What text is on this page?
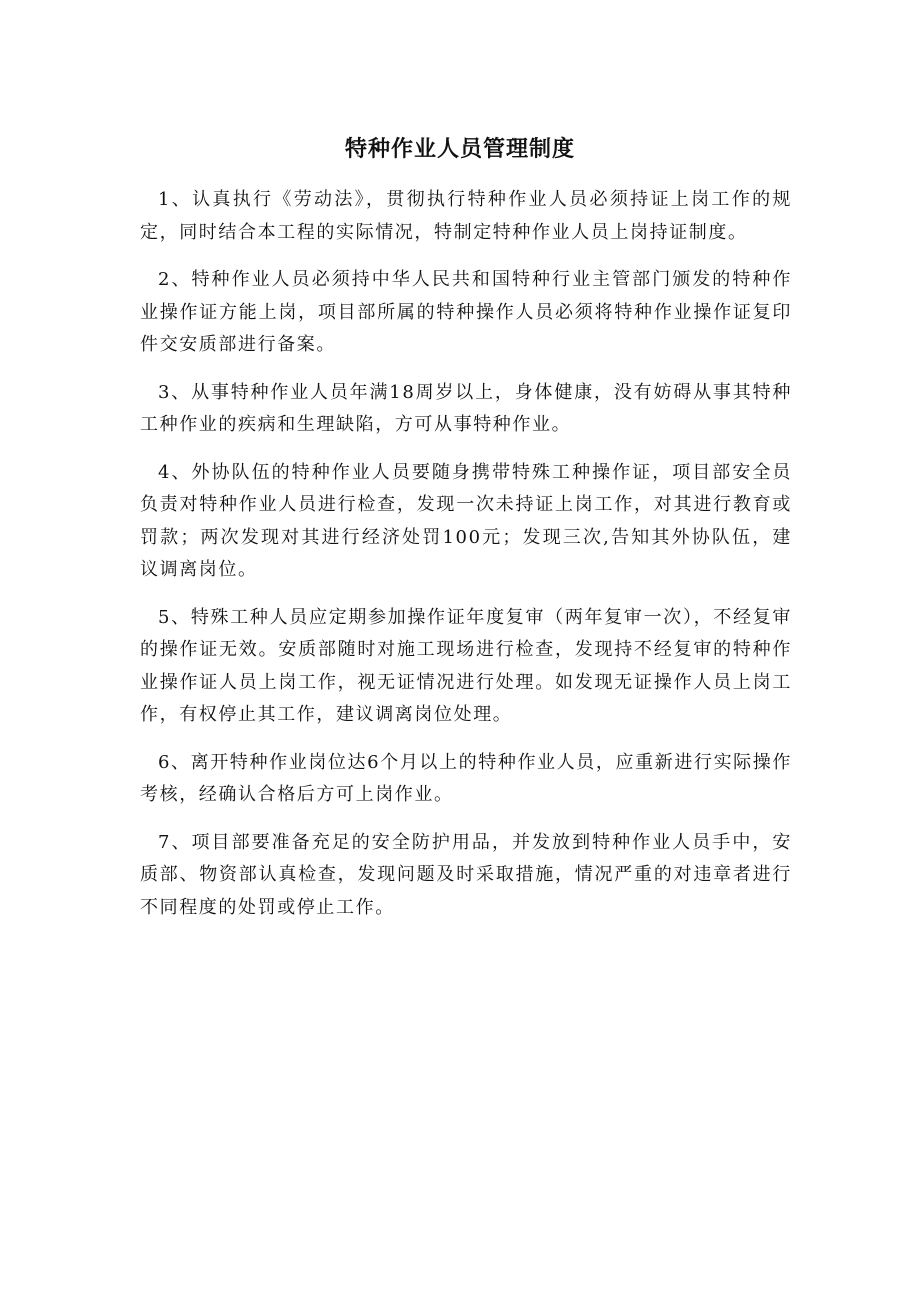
特种作业人员管理制度

1、认真执行《劳动法》，贯彻执行特种作业人员必须持证上岗工作的规定，同时结合本工程的实际情况，特制定特种作业人员上岗持证制度。

2、特种作业人员必须持中华人民共和国特种行业主管部门颁发的特种作业操作证方能上岗，项目部所属的特种操作人员必须将特种作业操作证复印件交安质部进行备案。

3、从事特种作业人员年满18周岁以上，身体健康，没有妨碍从事其特种工种作业的疾病和生理缺陷，方可从事特种作业。

4、外协队伍的特种作业人员要随身携带特殊工种操作证，项目部安全员负责对特种作业人员进行检查，发现一次未持证上岗工作，对其进行教育或罚款；两次发现对其进行经济处罚100元；发现三次,告知其外协队伍，建议调离岗位。

5、特殊工种人员应定期参加操作证年度复审（两年复审一次），不经复审的操作证无效。安质部随时对施工现场进行检查，发现持不经复审的特种作业操作证人员上岗工作，视无证情况进行处理。如发现无证操作人员上岗工作，有权停止其工作，建议调离岗位处理。

6、离开特种作业岗位达6个月以上的特种作业人员，应重新进行实际操作考核，经确认合格后方可上岗作业。

7、项目部要准备充足的安全防护用品，并发放到特种作业人员手中，安质部、物资部认真检查，发现问题及时采取措施，情况严重的对违章者进行不同程度的处罚或停止工作。
